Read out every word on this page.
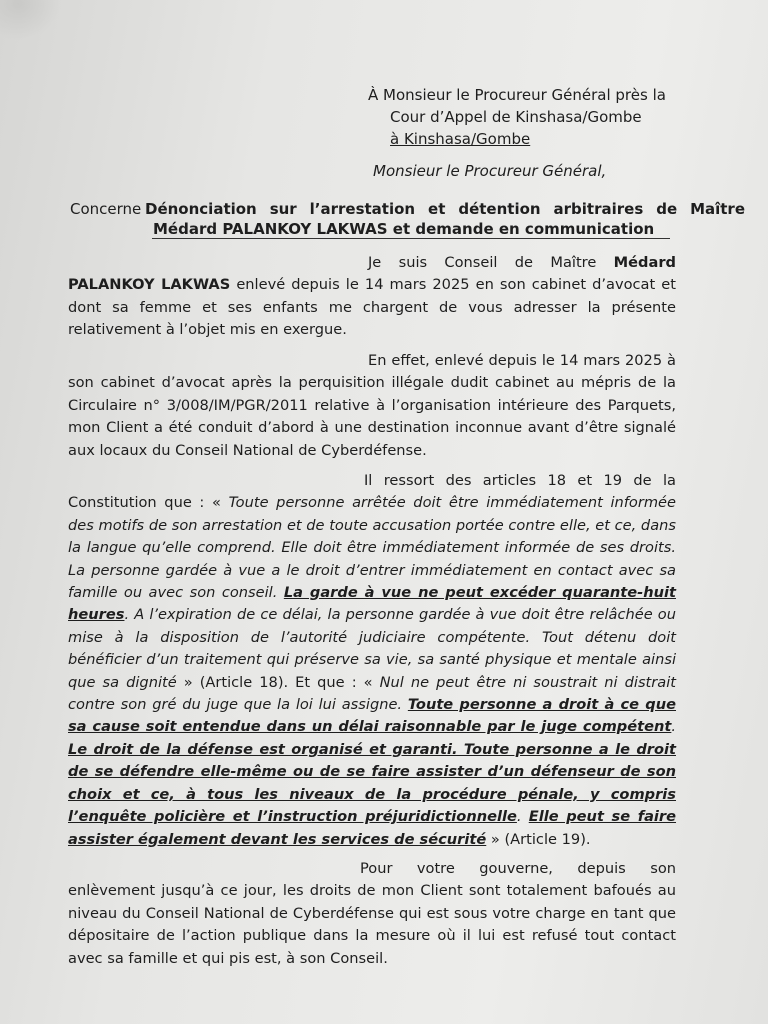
À Monsieur le Procureur Général près la
Cour d’Appel de Kinshasa/Gombe
à Kinshasa/Gombe
Monsieur le Procureur Général,
Concerne :
Dénonciation sur l’arrestation et détention arbitraires de Maître
Médard PALANKOY LAKWAS et demande en communication
Je suis Conseil de Maître Médard PALANKOY LAKWAS enlevé depuis le 14 mars 2025 en son cabinet d’avocat et dont sa femme et ses enfants me chargent de vous adresser la présente relativement à l’objet mis en exergue.
En effet, enlevé depuis le 14 mars 2025 à son cabinet d’avocat après la perquisition illégale dudit cabinet au mépris de la Circulaire n° 3/008/IM/PGR/2011 relative à l’organisation intérieure des Parquets, mon Client a été conduit d’abord à une destination inconnue avant d’être signalé aux locaux du Conseil National de Cyberdéfense.
Il ressort des articles 18 et 19 de la Constitution que : « Toute personne arrêtée doit être immédiatement informée des motifs de son arrestation et de toute accusation portée contre elle, et ce, dans la langue qu’elle comprend. Elle doit être immédiatement informée de ses droits. La personne gardée à vue a le droit d’entrer immédiatement en contact avec sa famille ou avec son conseil. La garde à vue ne peut excéder quarante-huit heures. A l’expiration de ce délai, la personne gardée à vue doit être relâchée ou mise à la disposition de l’autorité judiciaire compétente. Tout détenu doit bénéficier d’un traitement qui préserve sa vie, sa santé physique et mentale ainsi que sa dignité » (Article 18). Et que : « Nul ne peut être ni soustrait ni distrait contre son gré du juge que la loi lui assigne. Toute personne a droit à ce que sa cause soit entendue dans un délai raisonnable par le juge compétent. Le droit de la défense est organisé et garanti. Toute personne a le droit de se défendre elle-même ou de se faire assister d’un défenseur de son choix et ce, à tous les niveaux de la procédure pénale, y compris l’enquête policière et l’instruction préjuridictionnelle. Elle peut se faire assister également devant les services de sécurité » (Article 19).
Pour votre gouverne, depuis son enlèvement jusqu’à ce jour, les droits de mon Client sont totalement bafoués au niveau du Conseil National de Cyberdéfense qui est sous votre charge en tant que dépositaire de l’action publique dans la mesure où il lui est refusé tout contact avec sa famille et qui pis est, à son Conseil.
